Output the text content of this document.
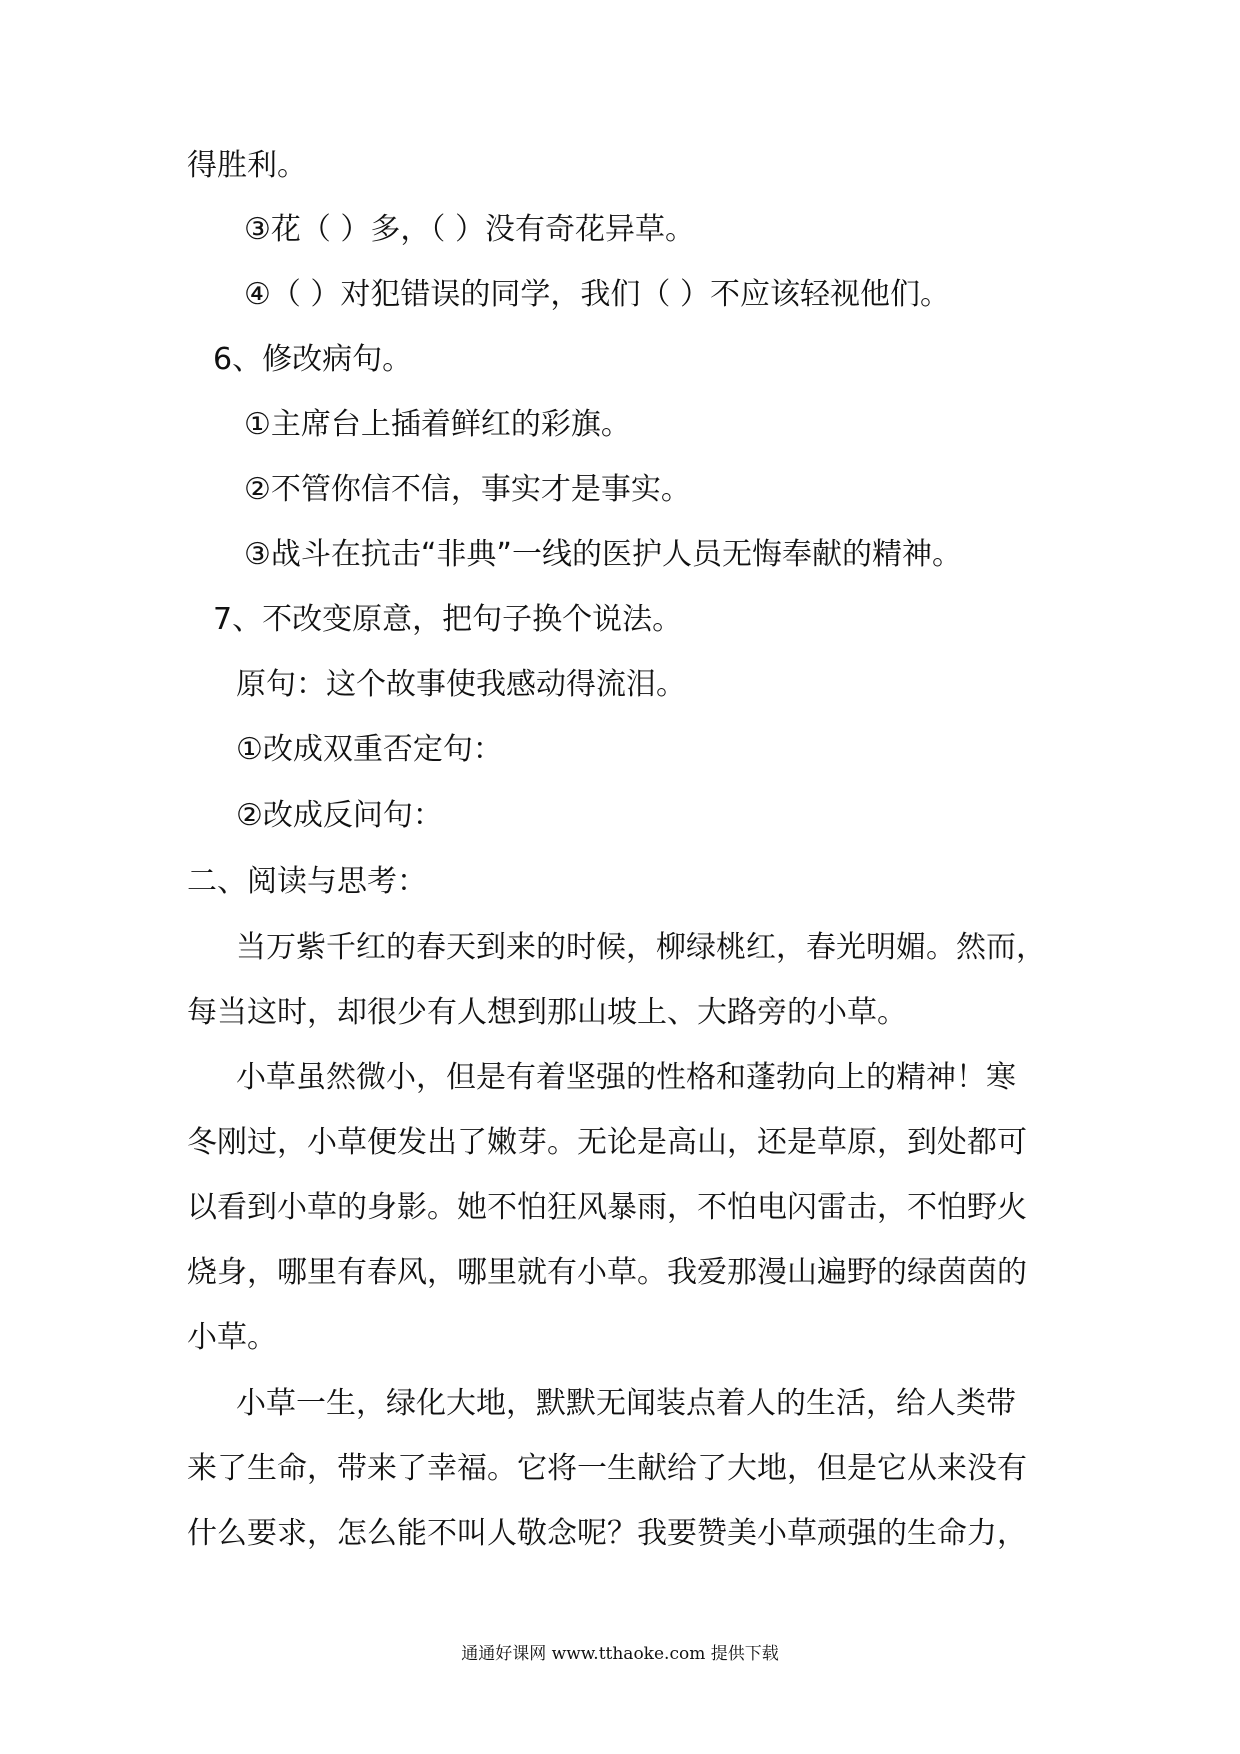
得胜利。
③花（ ）多，（ ）没有奇花异草。
④（ ）对犯错误的同学，我们（ ）不应该轻视他们。
6、修改病句。
①主席台上插着鲜红的彩旗。
②不管你信不信，事实才是事实。
③战斗在抗击“非典”一线的医护人员无悔奉献的精神。
7、不改变原意，把句子换个说法。
原句：这个故事使我感动得流泪。
①改成双重否定句：
②改成反问句：
二、阅读与思考：
当万紫千红的春天到来的时候，柳绿桃红，春光明媚。然而，
每当这时，却很少有人想到那山坡上、大路旁的小草。
小草虽然微小，但是有着坚强的性格和蓬勃向上的精神！寒
冬刚过，小草便发出了嫩芽。无论是高山，还是草原，到处都可
以看到小草的身影。她不怕狂风暴雨，不怕电闪雷击，不怕野火
烧身，哪里有春风，哪里就有小草。我爱那漫山遍野的绿茵茵的
小草。
小草一生，绿化大地，默默无闻装点着人的生活，给人类带
来了生命，带来了幸福。它将一生献给了大地，但是它从来没有
什么要求，怎么能不叫人敬念呢？我要赞美小草顽强的生命力，
通通好课网 www.tthaoke.com 提供下载
